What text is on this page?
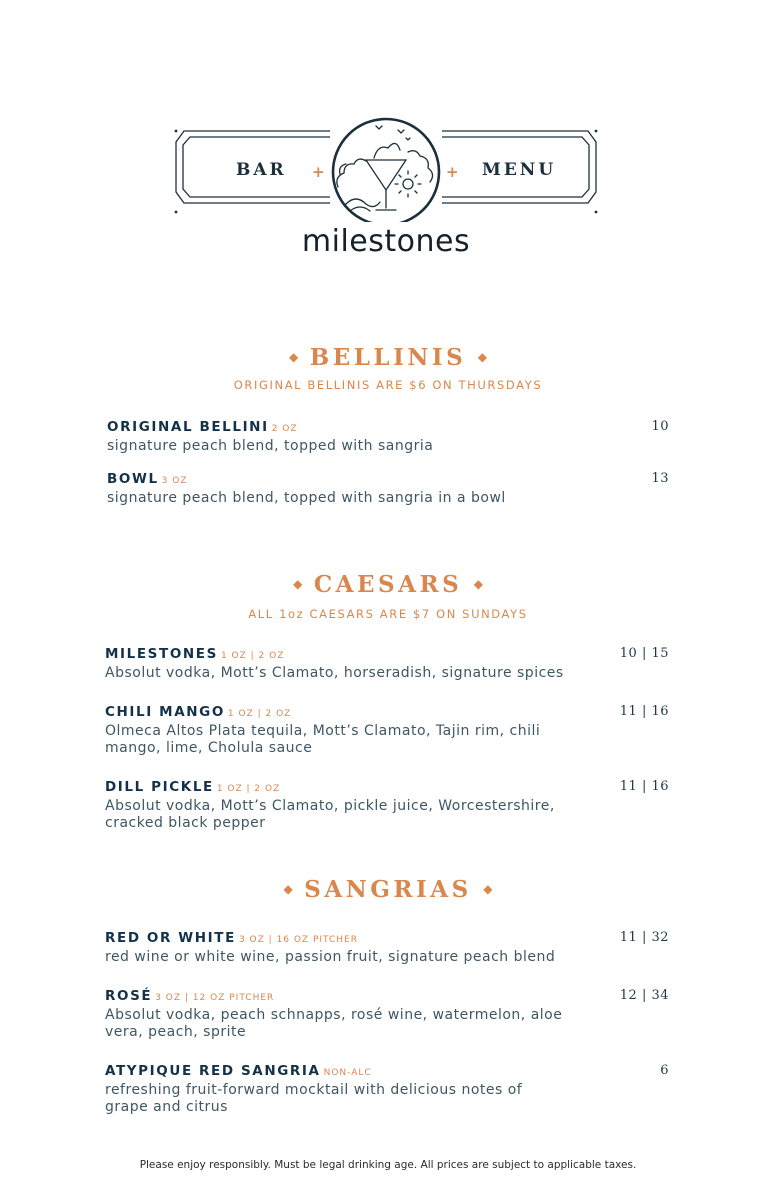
+	+
BAR	MENU
milestones
◆ BELLINIS ◆
ORIGINAL BELLINIS ARE $6 ON THURSDAYS
ORIGINAL BELLINI 2 OZ
signature peach blend, topped with sangria
10
BOWL 3 OZ
signature peach blend, topped with sangria in a bowl
13
◆ CAESARS ◆
ALL 1oz CAESARS ARE $7 ON SUNDAYS
MILESTONES 1 OZ | 2 OZ
Absolut vodka, Mott’s Clamato, horseradish, signature spices
10 | 15
CHILI MANGO 1 OZ | 2 OZ
Olmeca Altos Plata tequila, Mott’s Clamato, Tajin rim, chili mango, lime, Cholula sauce
11 | 16
DILL PICKLE 1 OZ | 2 OZ
Absolut vodka, Mott’s Clamato, pickle juice, Worcestershire, cracked black pepper
11 | 16
◆ SANGRIAS ◆
RED OR WHITE 3 OZ | 16 OZ PITCHER
red wine or white wine, passion fruit, signature peach blend
11 | 32
ROSÉ 3 OZ | 12 OZ PITCHER
Absolut vodka, peach schnapps, rosé wine, watermelon, aloe vera, peach, sprite
12 | 34
ATYPIQUE RED SANGRIA NON-ALC
refreshing fruit-forward mocktail with delicious notes of grape and citrus
6
Please enjoy responsibly. Must be legal drinking age. All prices are subject to applicable taxes.
